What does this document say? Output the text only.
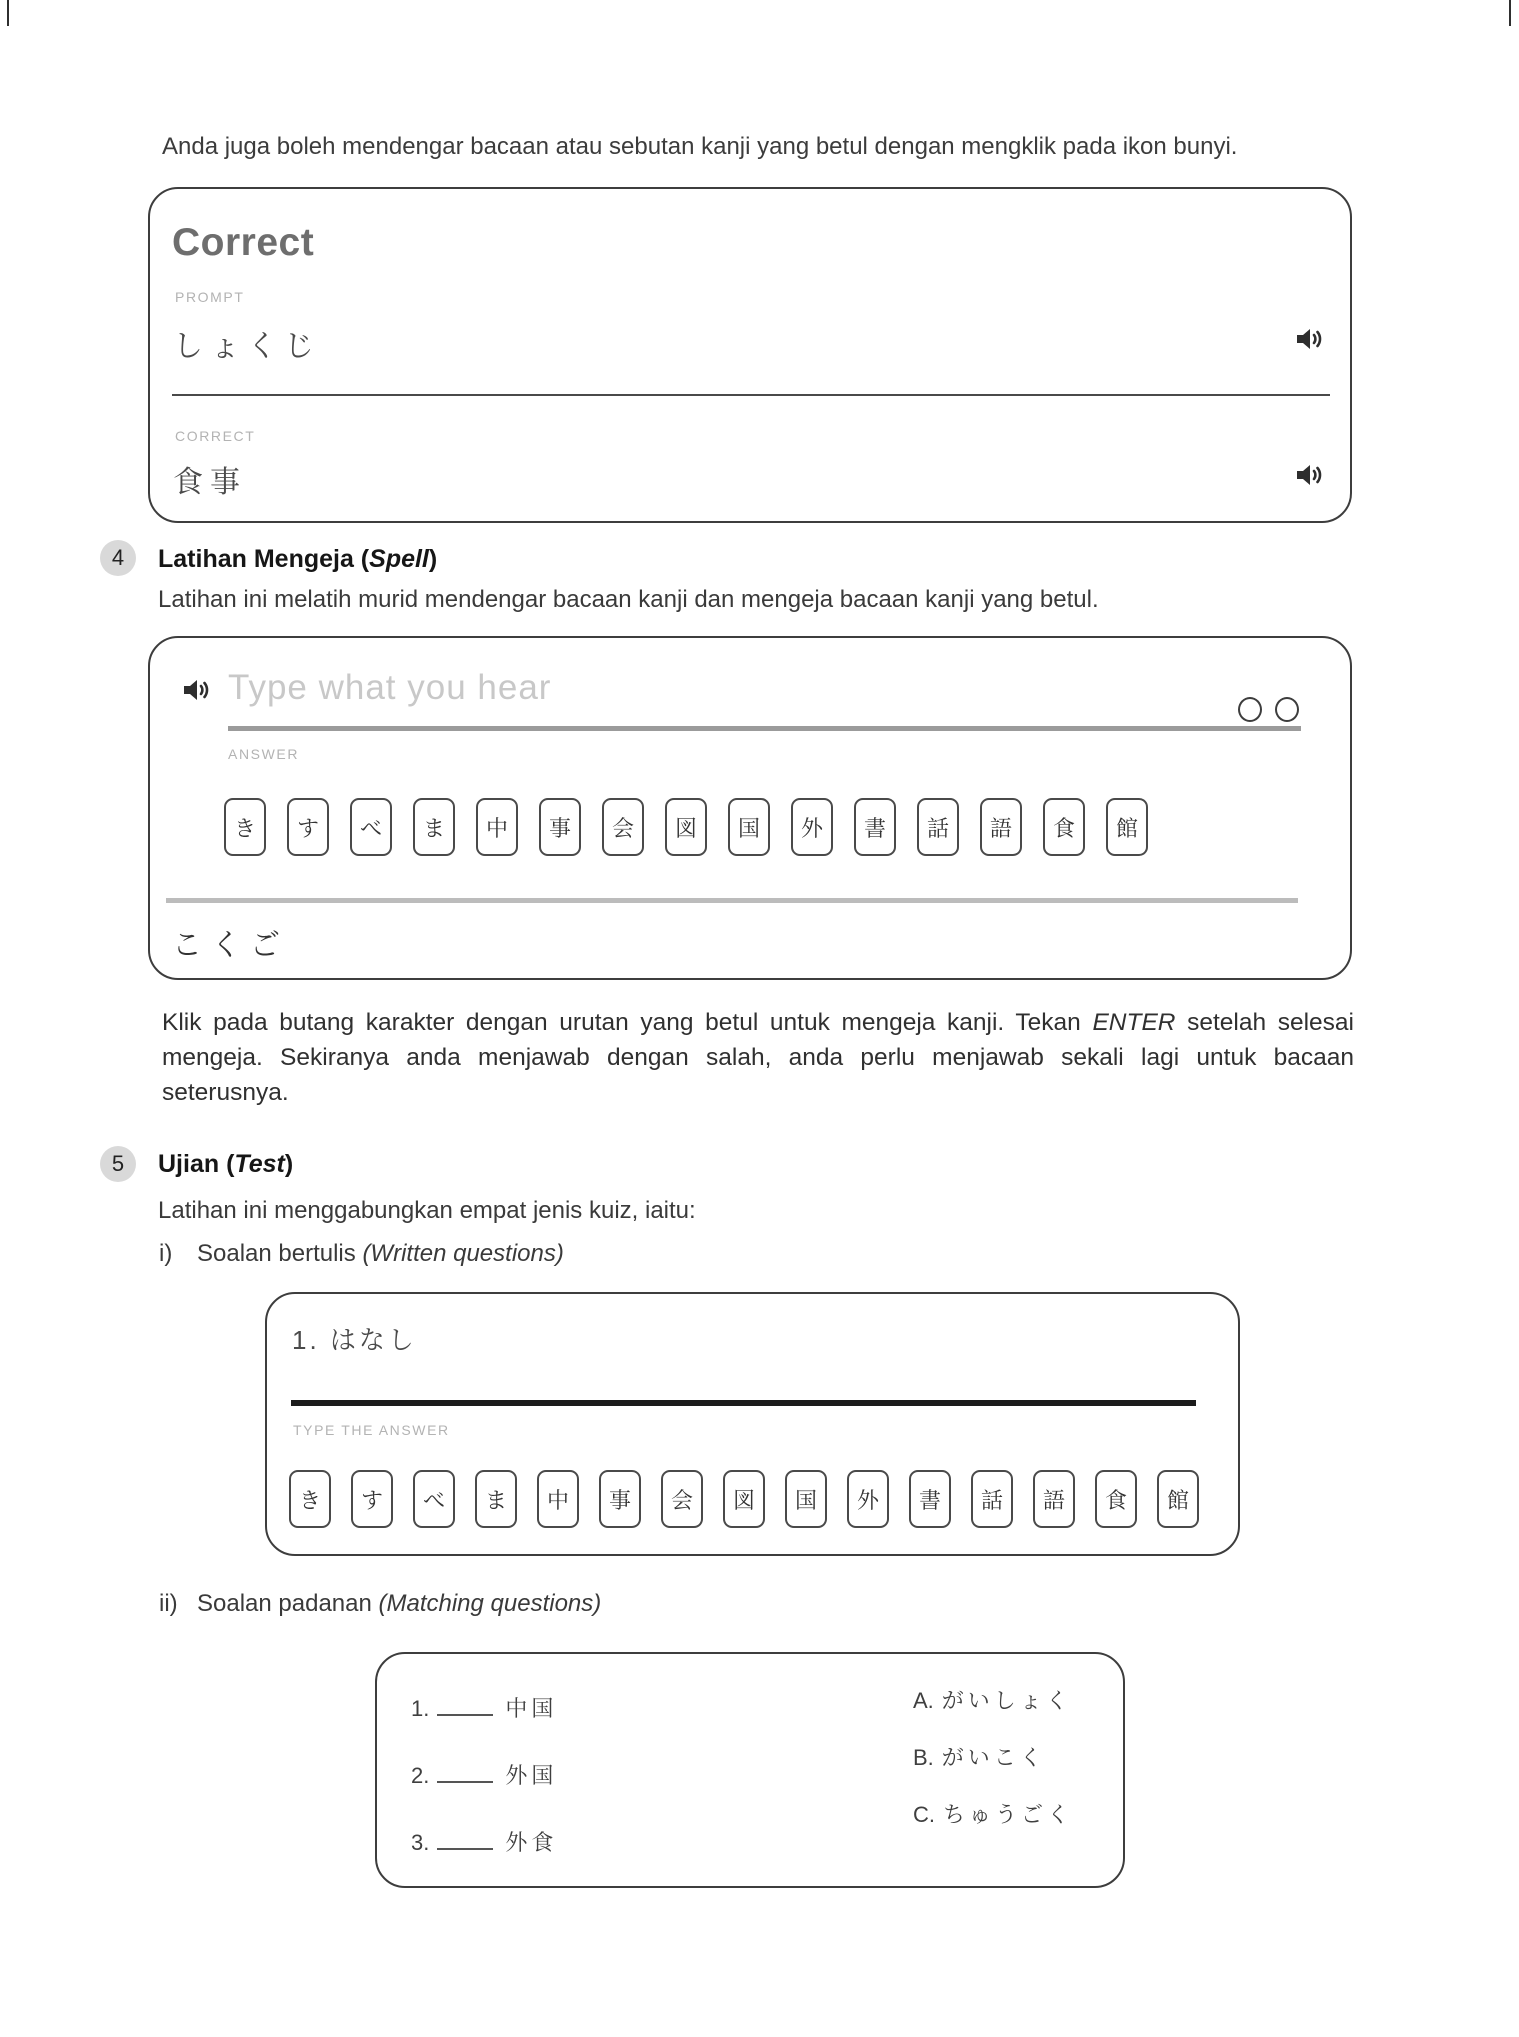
Anda juga boleh mendengar bacaan atau sebutan kanji yang betul dengan mengklik pada ikon bunyi.

Correct
PROMPT
しょくじ
CORRECT
食事
4	Latihan Mengeja (Spell)

Latihan ini melatih murid mendengar bacaan kanji dan mengeja bacaan kanji yang betul.

Type what you hear
ANSWER
き	す	べ	ま	中	事	会	図	国	外	書	話	語	食	館
こくご

Klik pada butang karakter dengan urutan yang betul untuk mengeja kanji. Tekan ENTER setelah selesai mengeja. Sekiranya anda menjawab dengan salah, anda perlu menjawab sekali lagi untuk bacaan seterusnya.

5	Ujian (Test)

Latihan ini menggabungkan empat jenis kuiz, iaitu:

i) Soalan bertulis (Written questions)

1. はなし
TYPE THE ANSWER
き	す	べ	ま	中	事	会	図	国	外	書	話	語	食	館

ii) Soalan padanan (Matching questions)

1.	中国
2.	外国
3.	外食
A. がいしょく
B. がいこく
C. ちゅうごく
